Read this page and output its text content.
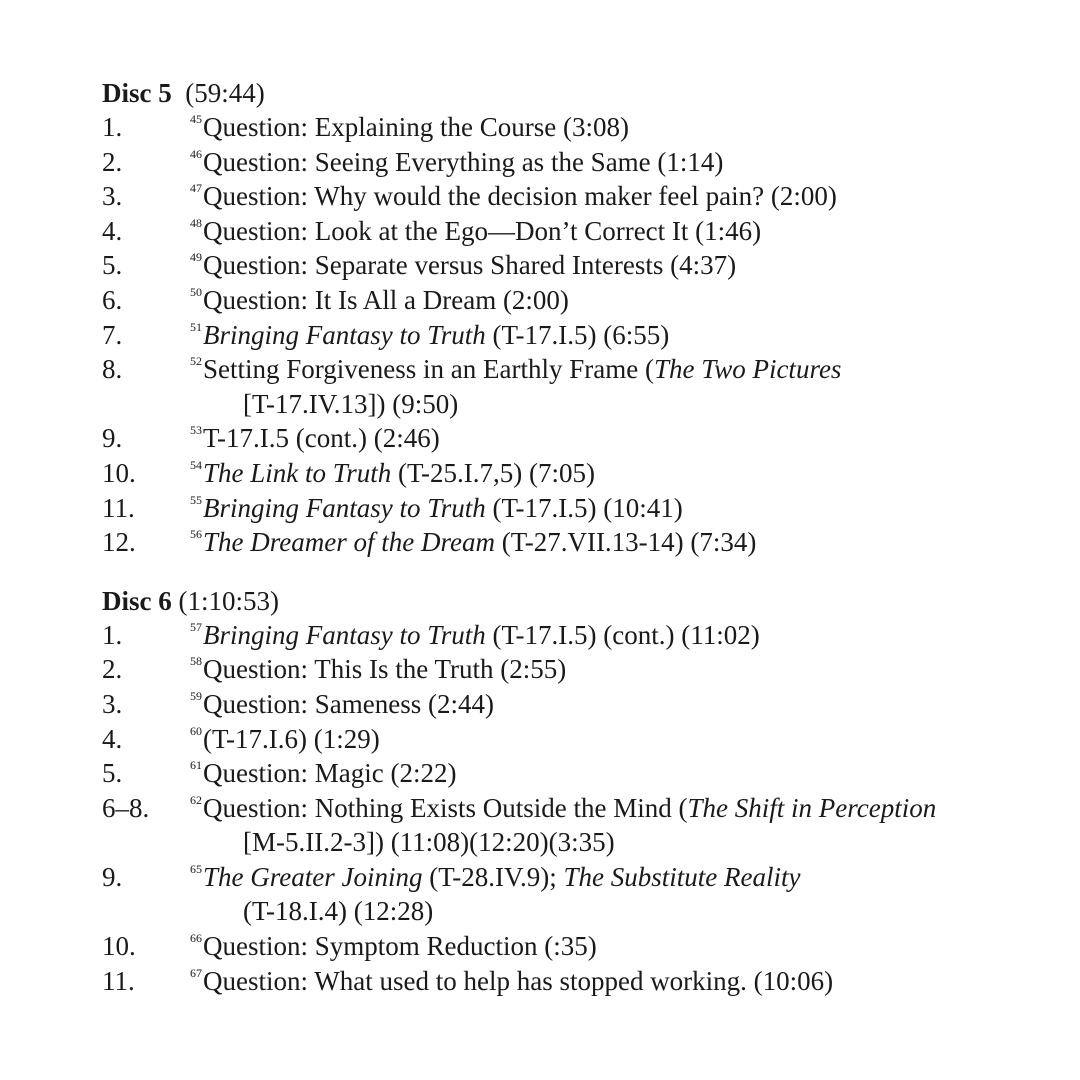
Disc 5 (59:44)
1.	$^{45}$Question: Explaining the Course (3:08)
2.	$^{46}$Question: Seeing Everything as the Same (1:14)
3.	$^{47}$Question: Why would the decision maker feel pain? (2:00)
4.	$^{48}$Question: Look at the Ego—Don’t Correct It (1:46)
5.	$^{49}$Question: Separate versus Shared Interests (4:37)
6.	$^{50}$Question: It Is All a Dream (2:00)
7.	$^{51}$Bringing Fantasy to Truth (T-17.I.5) (6:55)
8.	$^{52}$Setting Forgiveness in an Earthly Frame (The Two Pictures
[T-17.IV.13]) (9:50)
9.	$^{53}$T-17.I.5 (cont.) (2:46)
10.	$^{54}$The Link to Truth (T-25.I.7,5) (7:05)
11.	$^{55}$Bringing Fantasy to Truth (T-17.I.5) (10:41)
12.	$^{56}$The Dreamer of the Dream (T-27.VII.13-14) (7:34)
Disc 6 (1:10:53)
1.	$^{57}$Bringing Fantasy to Truth (T-17.I.5) (cont.) (11:02)
2.	$^{58}$Question: This Is the Truth (2:55)
3.	$^{59}$Question: Sameness (2:44)
4.	$^{60}$(T-17.I.6) (1:29)
5.	$^{61}$Question: Magic (2:22)
6–8.	$^{62}$Question: Nothing Exists Outside the Mind (The Shift in Perception
[M-5.II.2-3]) (11:08)(12:20)(3:35)
9.	$^{65}$The Greater Joining (T-28.IV.9); The Substitute Reality
(T-18.I.4) (12:28)
10.	$^{66}$Question: Symptom Reduction (:35)
11.	$^{67}$Question: What used to help has stopped working. (10:06)
